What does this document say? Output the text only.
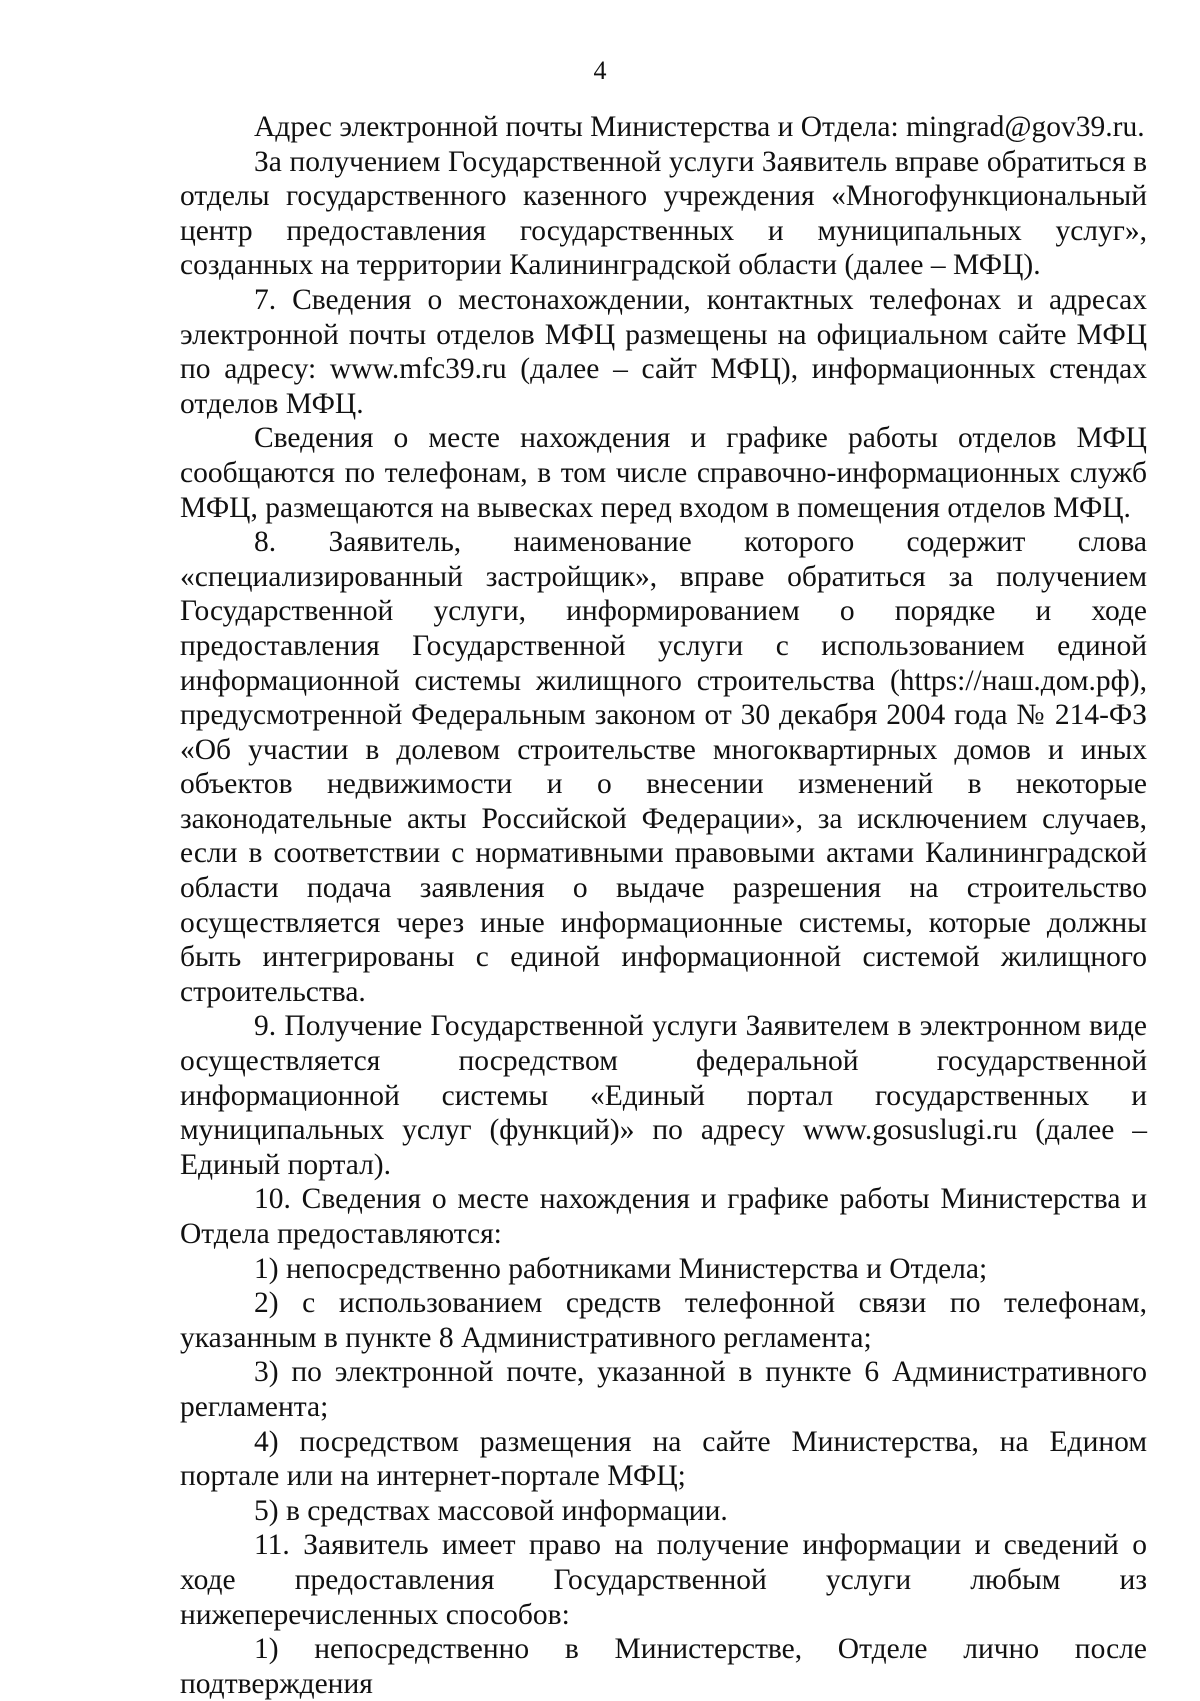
4

Адрес электронной почты Министерства и Отдела: mingrad@gov39.ru.

За получением Государственной услуги Заявитель вправе обратиться в отделы государственного казенного учреждения «Многофункциональный центр предоставления государственных и муниципальных услуг», созданных на территории Калининградской области (далее – МФЦ).

7. Сведения о местонахождении, контактных телефонах и адресах электронной почты отделов МФЦ размещены на официальном сайте МФЦ по адресу: www.mfc39.ru (далее – сайт МФЦ), информационных стендах отделов МФЦ.

Сведения о месте нахождения и графике работы отделов МФЦ сообщаются по телефонам, в том числе справочно-информационных служб МФЦ, размещаются на вывесках перед входом в помещения отделов МФЦ.

8. Заявитель, наименование которого содержит слова «специализированный застройщик», вправе обратиться за получением Государственной услуги, информированием о порядке и ходе предоставления Государственной услуги с использованием единой информационной системы жилищного строительства (https://наш.дом.рф), предусмотренной Федеральным законом от 30 декабря 2004 года № 214-ФЗ «Об участии в долевом строительстве многоквартирных домов и иных объектов недвижимости и о внесении изменений в некоторые законодательные акты Российской Федерации», за исключением случаев, если в соответствии с нормативными правовыми актами Калининградской области подача заявления о выдаче разрешения на строительство осуществляется через иные информационные системы, которые должны быть интегрированы с единой информационной системой жилищного строительства.

9. Получение Государственной услуги Заявителем в электронном виде осуществляется посредством федеральной государственной информационной системы «Единый портал государственных и муниципальных услуг (функций)» по адресу www.gosuslugi.ru (далее – Единый портал).

10. Сведения о месте нахождения и графике работы Министерства и Отдела предоставляются:

1) непосредственно работниками Министерства и Отдела;

2) с использованием средств телефонной связи по телефонам, указанным в пункте 8 Административного регламента;

3) по электронной почте, указанной в пункте 6 Административного регламента;

4) посредством размещения на сайте Министерства, на Едином портале или на интернет-портале МФЦ;

5) в средствах массовой информации.

11. Заявитель имеет право на получение информации и сведений о ходе предоставления Государственной услуги любым из нижеперечисленных способов:

1) непосредственно в Министерстве, Отделе лично после подтверждения
